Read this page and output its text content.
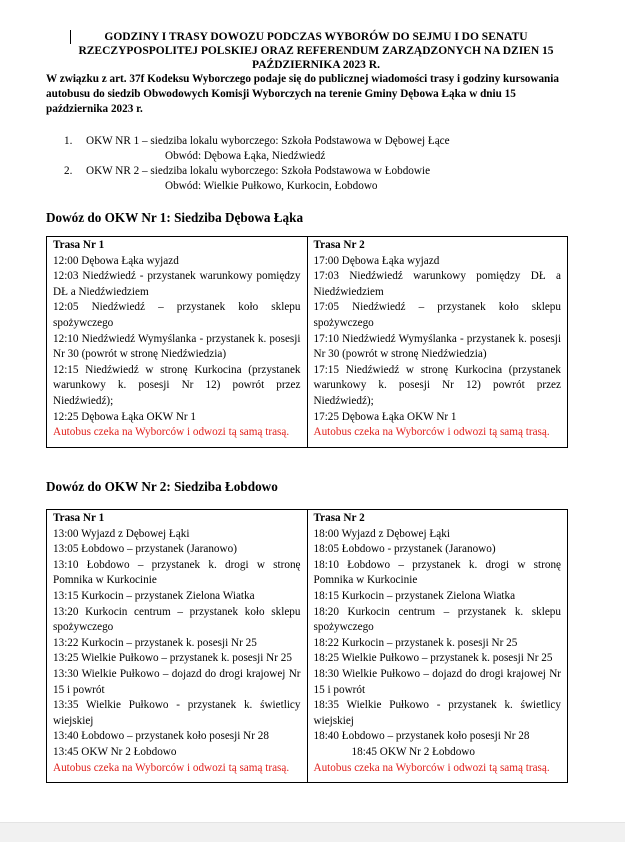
GODZINY I TRASY DOWOZU PODCZAS WYBORÓW DO SEJMU I DO SENATU RZECZYPOSPOLITEJ POLSKIEJ ORAZ REFERENDUM ZARZĄDZONYCH NA DZIEN 15 PAŹDZIERNIKA 2023 R.
W związku z art. 37f Kodeksu Wyborczego podaje się do publicznej wiadomości trasy i godziny kursowania autobusu do siedzib Obwodowych Komisji Wyborczych na terenie Gminy Dębowa Łąka w dniu 15 października 2023 r.
1. OKW NR 1 – siedziba lokalu wyborczego: Szkoła Podstawowa w Dębowej Łące
Obwód: Dębowa Łąka, Niedźwiedź
2. OKW NR 2 – siedziba lokalu wyborczego: Szkoła Podstawowa w Łobdowie
Obwód: Wielkie Pułkowo, Kurkocin, Łobdowo
Dowóz do OKW Nr 1: Siedziba Dębowa Łąka
Trasa Nr 1
12:00 Dębowa Łąka wyjazd
12:03 Niedźwiedź - przystanek warunkowy pomiędzy DŁ a Niedźwiedziem
12:05 Niedźwiedź – przystanek koło sklepu spożywczego
12:10 Niedźwiedź Wymyślanka - przystanek k. posesji Nr 30 (powrót w stronę Niedźwiedzia)
12:15 Niedźwiedź w stronę Kurkocina (przystanek warunkowy k. posesji Nr 12) powrót przez Niedźwiedź);
12:25 Dębowa Łąka OKW Nr 1
Autobus czeka na Wyborców i odwozi tą samą trasą.

Trasa Nr 2
17:00 Dębowa Łąka wyjazd
17:03 Niedźwiedź warunkowy pomiędzy DŁ a Niedźwiedziem
17:05 Niedźwiedź – przystanek koło sklepu spożywczego
17:10 Niedźwiedź Wymyślanka - przystanek k. posesji Nr 30 (powrót w stronę Niedźwiedzia)
17:15 Niedźwiedź w stronę Kurkocina (przystanek warunkowy k. posesji Nr 12) powrót przez Niedźwiedź);
17:25 Dębowa Łąka OKW Nr 1
Autobus czeka na Wyborców i odwozi tą samą trasą.
Dowóz do OKW Nr 2: Siedziba Łobdowo
Trasa Nr 1
13:00 Wyjazd z Dębowej Łąki
13:05 Łobdowo – przystanek (Jaranowo)
13:10 Łobdowo – przystanek k. drogi w stronę Pomnika w Kurkocinie
13:15 Kurkocin – przystanek Zielona Wiatka
13:20 Kurkocin centrum – przystanek koło sklepu spożywczego
13:22 Kurkocin – przystanek k. posesji Nr 25
13:25 Wielkie Pułkowo – przystanek k. posesji Nr 25
13:30 Wielkie Pułkowo – dojazd do drogi krajowej Nr 15 i powrót
13:35 Wielkie Pułkowo - przystanek k. świetlicy wiejskiej
13:40 Łobdowo – przystanek koło posesji Nr 28
13:45 OKW Nr 2 Łobdowo
Autobus czeka na Wyborców i odwozi tą samą trasą.

Trasa Nr 2
18:00 Wyjazd z Dębowej Łąki
18:05 Łobdowo - przystanek (Jaranowo)
18:10 Łobdowo – przystanek k. drogi w stronę Pomnika w Kurkocinie
18:15 Kurkocin – przystanek Zielona Wiatka
18:20 Kurkocin centrum – przystanek k. sklepu spożywczego
18:22 Kurkocin – przystanek k. posesji Nr 25
18:25 Wielkie Pułkowo – przystanek k. posesji Nr 25
18:30 Wielkie Pułkowo – dojazd do drogi krajowej Nr 15 i powrót
18:35 Wielkie Pułkowo - przystanek k. świetlicy wiejskiej
18:40 Łobdowo – przystanek koło posesji Nr 28
18:45 OKW Nr 2 Łobdowo
Autobus czeka na Wyborców i odwozi tą samą trasą.
